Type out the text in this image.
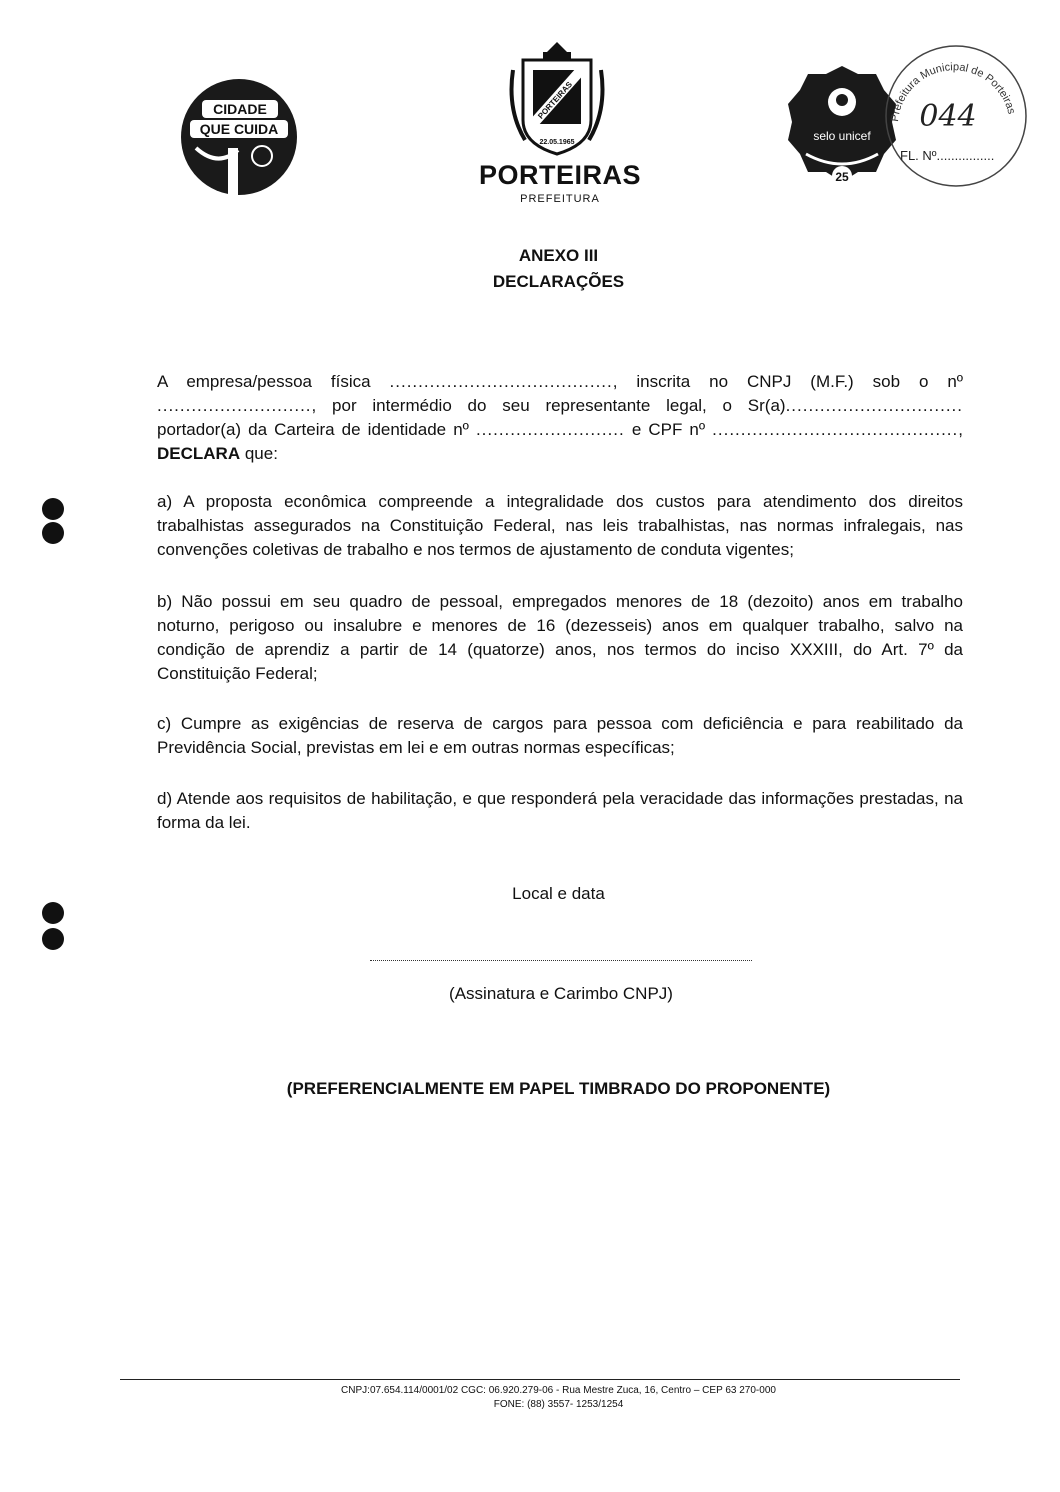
CIDADE
QUE CUIDA
PORTEIRAS
22.05.1965
PORTEIRAS
PREFEITURA
selo unicef
25
Prefeitura Municipal de Porteiras
044
FL. Nº................
ANEXO III
DECLARAÇÕES
A empresa/pessoa física ......................................., inscrita no CNPJ (M.F.) sob o nº ..........................., por intermédio do seu representante legal, o Sr(a)............................... portador(a) da Carteira de identidade nº .......................... e CPF nº ..........................................., DECLARA que:
a) A proposta econômica compreende a integralidade dos custos para atendimento dos direitos trabalhistas assegurados na Constituição Federal, nas leis trabalhistas, nas normas infralegais, nas convenções coletivas de trabalho e nos termos de ajustamento de conduta vigentes;
b) Não possui em seu quadro de pessoal, empregados menores de 18 (dezoito) anos em trabalho noturno, perigoso ou insalubre e menores de 16 (dezesseis) anos em qualquer trabalho, salvo na condição de aprendiz a partir de 14 (quatorze) anos, nos termos do inciso XXXIII, do Art. 7º da Constituição Federal;
c) Cumpre as exigências de reserva de cargos para pessoa com deficiência e para reabilitado da Previdência Social, previstas em lei e em outras normas específicas;
d) Atende aos requisitos de habilitação, e que responderá pela veracidade das informações prestadas, na forma da lei.
Local e data
(Assinatura e Carimbo CNPJ)
(PREFERENCIALMENTE EM PAPEL TIMBRADO DO PROPONENTE)
CNPJ:07.654.114/0001/02 CGC: 06.920.279-06 - Rua Mestre Zuca, 16, Centro – CEP 63 270-000
FONE: (88) 3557- 1253/1254
